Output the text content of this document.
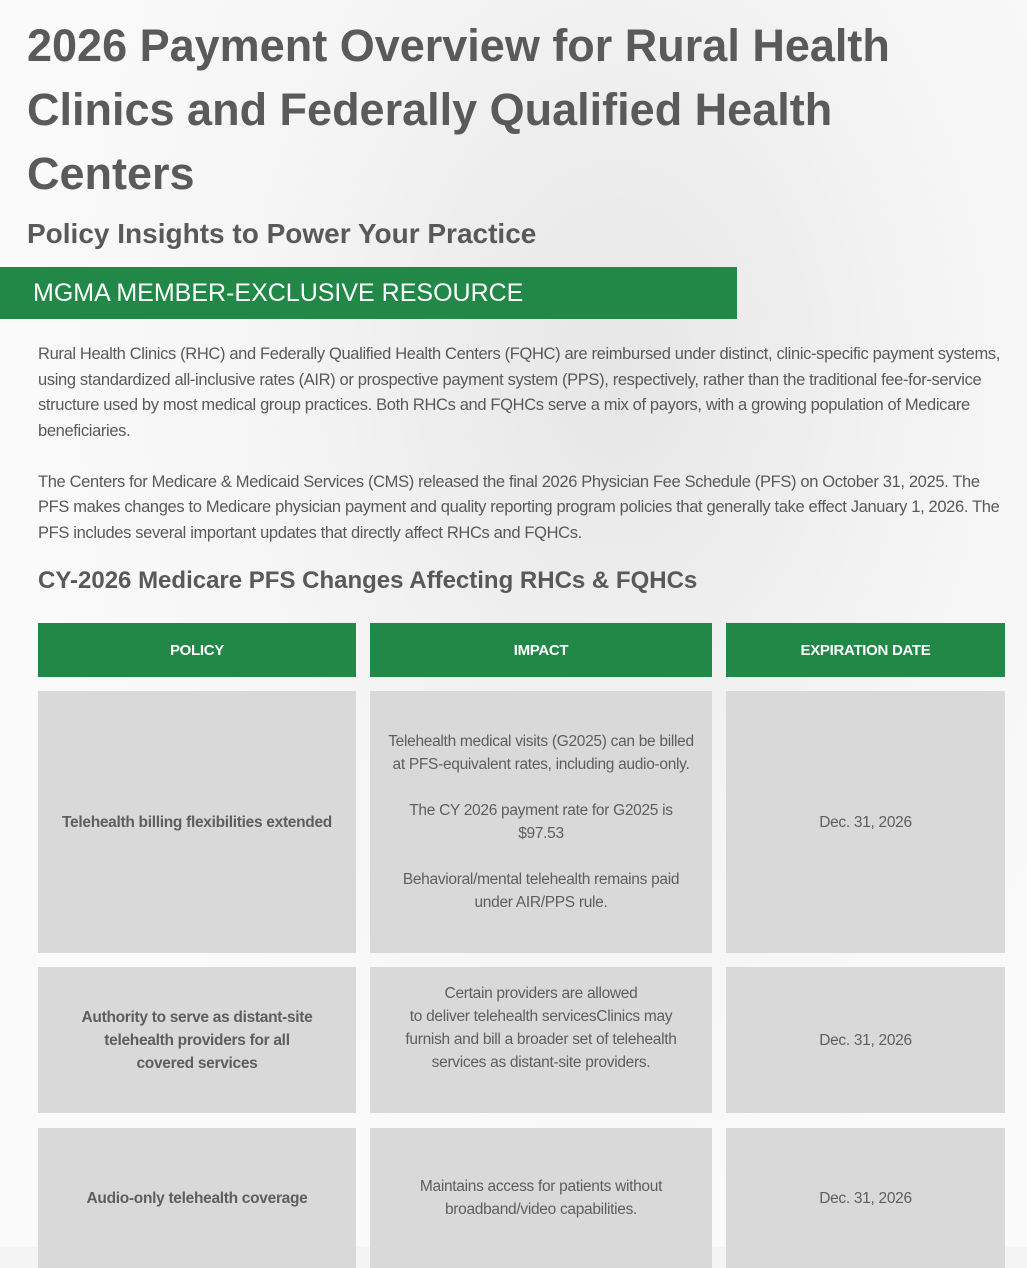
2026 Payment Overview for Rural Health Clinics and Federally Qualified Health Centers
Policy Insights to Power Your Practice
MGMA MEMBER-EXCLUSIVE RESOURCE

Rural Health Clinics (RHC) and Federally Qualified Health Centers (FQHC) are reimbursed under distinct, clinic-specific payment systems, using standardized all-inclusive rates (AIR) or prospective payment system (PPS), respectively, rather than the traditional fee-for-service structure used by most medical group practices. Both RHCs and FQHCs serve a mix of payors, with a growing population of Medicare beneficiaries.

The Centers for Medicare & Medicaid Services (CMS) released the final 2026 Physician Fee Schedule (PFS) on October 31, 2025. The PFS makes changes to Medicare physician payment and quality reporting program policies that generally take effect January 1, 2026. The PFS includes several important updates that directly affect RHCs and FQHCs.

CY-2026 Medicare PFS Changes Affecting RHCs & FQHCs
POLICY	IMPACT	EXPIRATION DATE
Telehealth billing flexibilities extended
Telehealth medical visits (G2025) can be billed at PFS-equivalent rates, including audio-only.

The CY 2026 payment rate for G2025 is $97.53

Behavioral/mental telehealth remains paid under AIR/PPS rule.
Dec. 31, 2026
Authority to serve as distant-site telehealth providers for all covered services
Certain providers are allowed
to deliver telehealth servicesClinics may furnish and bill a broader set of telehealth services as distant-site providers.
Dec. 31, 2026
Audio-only telehealth coverage
Maintains access for patients without broadband/video capabilities.
Dec. 31, 2026
